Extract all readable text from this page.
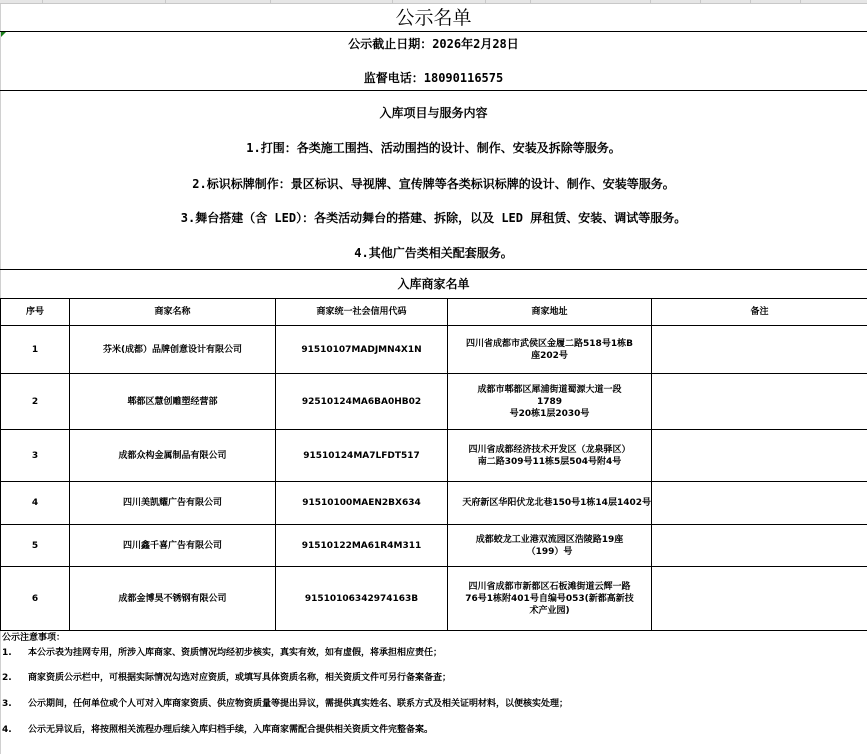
公示名单
公示截止日期：2026年2月28日
监督电话：18090116575
入库项目与服务内容
1.打围：各类施工围挡、活动围挡的设计、制作、安装及拆除等服务。
2.标识标牌制作：景区标识、导视牌、宣传牌等各类标识标牌的设计、制作、安装等服务。
3.舞台搭建（含 LED）：各类活动舞台的搭建、拆除，以及 LED 屏租赁、安装、调试等服务。
4.其他广告类相关配套服务。
入库商家名单
序号	商家名称	商家统一社会信用代码	商家地址	备注
1	芬米(成都）品牌创意设计有限公司	91510107MADJMN4X1N	四川省成都市武侯区金履二路518号1栋B
座202号	
2	郫都区慧创雕塑经营部	92510124MA6BA0HB02	成都市郫都区犀浦街道蜀源大道一段
1789
号20栋1层2030号	
3	成都众构金属制品有限公司	91510124MA7LFDT517	四川省成都经济技术开发区（龙泉驿区）
南二路309号11栋5层504号附4号	
4	四川美凯耀广告有限公司	91510100MAEN2BX634	天府新区华阳伏龙北巷150号1栋14层1402号	
5	四川鑫千喜广告有限公司	91510122MA61R4M311	成都蛟龙工业港双流园区浩陵路19座
（199）号	
6	成都金博昊不锈钢有限公司	915101063429741​63B	四川省成都市新都区石板滩街道云辉一路
76号1栋附401号自编号053(新都高新技
术产业园)	
公示注意事项：
1. 本公示表为挂网专用，所涉入库商家、资质情况均经初步核实，真实有效，如有虚假，将承担相应责任；
2. 商家资质公示栏中，可根据实际情况勾选对应资质，或填写具体资质名称，相关资质文件可另行备案备查；
3. 公示期间，任何单位或个人可对入库商家资质、供应物资质量等提出异议，需提供真实姓名、联系方式及相关证明材料，以便核实处理；
4. 公示无异议后，将按照相关流程办理后续入库归档手续，入库商家需配合提供相关资质文件完整备案。
